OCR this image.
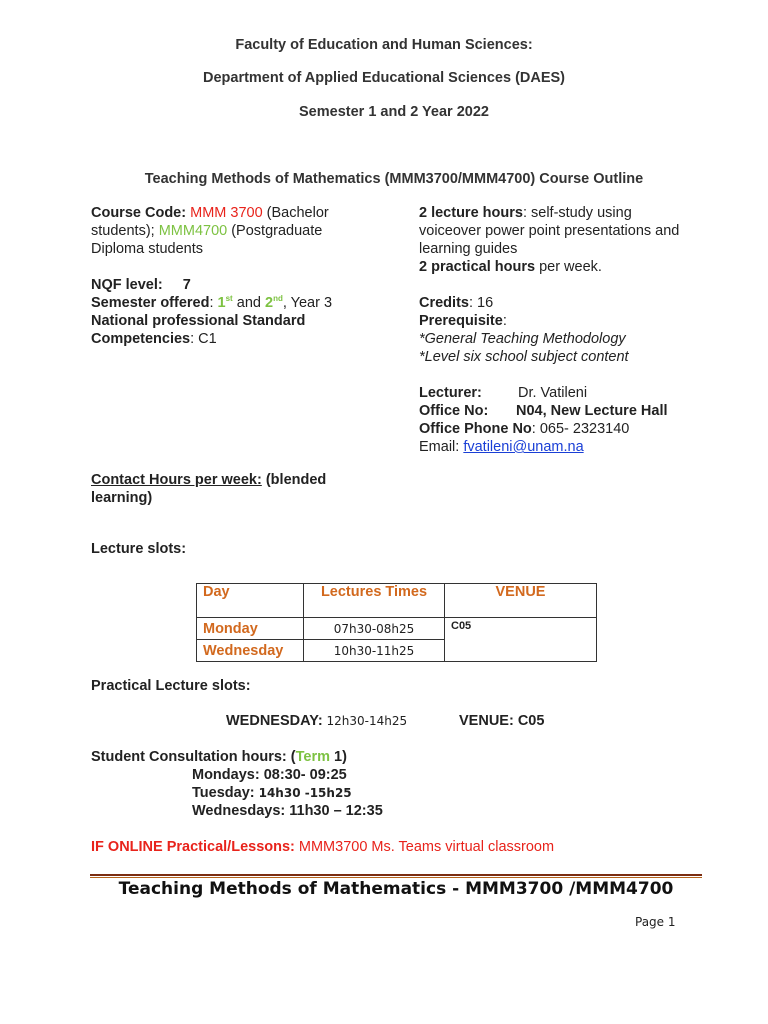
Faculty of Education and Human Sciences:
Department of Applied Educational Sciences (DAES)
Semester 1 and 2 Year 2022
Teaching Methods of Mathematics (MMM3700/MMM4700) Course Outline
Course Code: MMM 3700 (Bachelor
students); MMM4700 (Postgraduate
Diploma students
NQF level: 7
Semester offered: 1st and 2nd, Year 3
National professional Standard
Competencies: C1
2 lecture hours: self-study using
voiceover power point presentations and
learning guides
2 practical hours per week.
Credits: 16
Prerequisite:
*General Teaching Methodology
*Level six school subject content
Lecturer: Dr. Vatileni
Office No: N04, New Lecture Hall
Office Phone No: 065- 2323140
Email: fvatileni@unam.na
Contact Hours per week: (blended
learning)
Lecture slots:
Day	Lectures Times	VENUE
Monday	07h30-08h25	C05
Wednesday	10h30-11h25	
Practical Lecture slots:
WEDNESDAY: 12h30-14h25	VENUE: C05
Student Consultation hours: (Term 1)
Mondays: 08:30- 09:25
Tuesday: 14h30 -15h25
Wednesdays: 11h30 – 12:35
IF ONLINE Practical/Lessons: MMM3700 Ms. Teams virtual classroom
Teaching Methods of Mathematics - MMM3700 /MMM4700
Page 1
